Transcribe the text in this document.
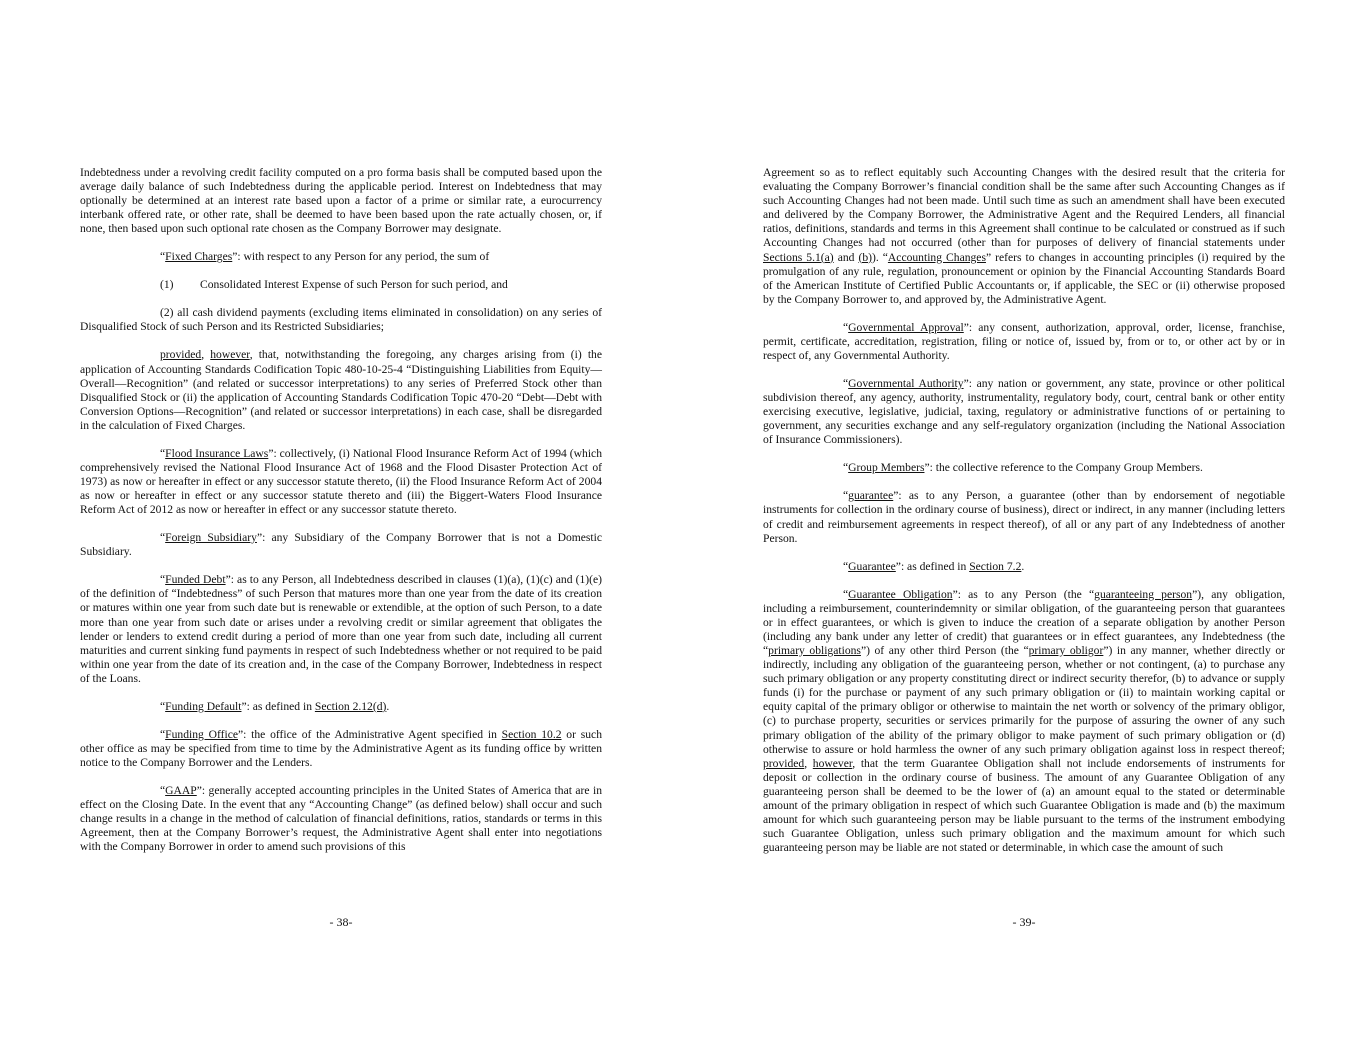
Indebtedness under a revolving credit facility computed on a pro forma basis shall be computed based upon the average daily balance of such Indebtedness during the applicable period. Interest on Indebtedness that may optionally be determined at an interest rate based upon a factor of a prime or similar rate, a eurocurrency interbank offered rate, or other rate, shall be deemed to have been based upon the rate actually chosen, or, if none, then based upon such optional rate chosen as the Company Borrower may designate.

“Fixed Charges”: with respect to any Person for any period, the sum of

(1)	Consolidated Interest Expense of such Person for such period, and

(2) all cash dividend payments (excluding items eliminated in consolidation) on any series of Disqualified Stock of such Person and its Restricted Subsidiaries;

provided, however, that, notwithstanding the foregoing, any charges arising from (i) the application of Accounting Standards Codification Topic 480-10-25-4 “Distinguishing Liabilities from Equity—Overall—Recognition” (and related or successor interpretations) to any series of Preferred Stock other than Disqualified Stock or (ii) the application of Accounting Standards Codification Topic 470-20 “Debt—Debt with Conversion Options—Recognition” (and related or successor interpretations) in each case, shall be disregarded in the calculation of Fixed Charges.

“Flood Insurance Laws”: collectively, (i) National Flood Insurance Reform Act of 1994 (which comprehensively revised the National Flood Insurance Act of 1968 and the Flood Disaster Protection Act of 1973) as now or hereafter in effect or any successor statute thereto, (ii) the Flood Insurance Reform Act of 2004 as now or hereafter in effect or any successor statute thereto and (iii) the Biggert-Waters Flood Insurance Reform Act of 2012 as now or hereafter in effect or any successor statute thereto.

“Foreign Subsidiary”: any Subsidiary of the Company Borrower that is not a Domestic Subsidiary.

“Funded Debt”: as to any Person, all Indebtedness described in clauses (1)(a), (1)(c) and (1)(e) of the definition of “Indebtedness” of such Person that matures more than one year from the date of its creation or matures within one year from such date but is renewable or extendible, at the option of such Person, to a date more than one year from such date or arises under a revolving credit or similar agreement that obligates the lender or lenders to extend credit during a period of more than one year from such date, including all current maturities and current sinking fund payments in respect of such Indebtedness whether or not required to be paid within one year from the date of its creation and, in the case of the Company Borrower, Indebtedness in respect of the Loans.

“Funding Default”: as defined in Section 2.12(d).

“Funding Office”: the office of the Administrative Agent specified in Section 10.2 or such other office as may be specified from time to time by the Administrative Agent as its funding office by written notice to the Company Borrower and the Lenders.

“GAAP”: generally accepted accounting principles in the United States of America that are in effect on the Closing Date. In the event that any “Accounting Change” (as defined below) shall occur and such change results in a change in the method of calculation of financial definitions, ratios, standards or terms in this Agreement, then at the Company Borrower’s request, the Administrative Agent shall enter into negotiations with the Company Borrower in order to amend such provisions of this

- 38-

Agreement so as to reflect equitably such Accounting Changes with the desired result that the criteria for evaluating the Company Borrower’s financial condition shall be the same after such Accounting Changes as if such Accounting Changes had not been made. Until such time as such an amendment shall have been executed and delivered by the Company Borrower, the Administrative Agent and the Required Lenders, all financial ratios, definitions, standards and terms in this Agreement shall continue to be calculated or construed as if such Accounting Changes had not occurred (other than for purposes of delivery of financial statements under Sections 5.1(a) and (b)). “Accounting Changes” refers to changes in accounting principles (i) required by the promulgation of any rule, regulation, pronouncement or opinion by the Financial Accounting Standards Board of the American Institute of Certified Public Accountants or, if applicable, the SEC or (ii) otherwise proposed by the Company Borrower to, and approved by, the Administrative Agent.

“Governmental Approval”: any consent, authorization, approval, order, license, franchise, permit, certificate, accreditation, registration, filing or notice of, issued by, from or to, or other act by or in respect of, any Governmental Authority.

“Governmental Authority”: any nation or government, any state, province or other political subdivision thereof, any agency, authority, instrumentality, regulatory body, court, central bank or other entity exercising executive, legislative, judicial, taxing, regulatory or administrative functions of or pertaining to government, any securities exchange and any self-regulatory organization (including the National Association of Insurance Commissioners).

“Group Members”: the collective reference to the Company Group Members.

“guarantee”: as to any Person, a guarantee (other than by endorsement of negotiable instruments for collection in the ordinary course of business), direct or indirect, in any manner (including letters of credit and reimbursement agreements in respect thereof), of all or any part of any Indebtedness of another Person.

“Guarantee”: as defined in Section 7.2.

“Guarantee Obligation”: as to any Person (the “guaranteeing person”), any obligation, including a reimbursement, counterindemnity or similar obligation, of the guaranteeing person that guarantees or in effect guarantees, or which is given to induce the creation of a separate obligation by another Person (including any bank under any letter of credit) that guarantees or in effect guarantees, any Indebtedness (the “primary obligations”) of any other third Person (the “primary obligor”) in any manner, whether directly or indirectly, including any obligation of the guaranteeing person, whether or not contingent, (a) to purchase any such primary obligation or any property constituting direct or indirect security therefor, (b) to advance or supply funds (i) for the purchase or payment of any such primary obligation or (ii) to maintain working capital or equity capital of the primary obligor or otherwise to maintain the net worth or solvency of the primary obligor, (c) to purchase property, securities or services primarily for the purpose of assuring the owner of any such primary obligation of the ability of the primary obligor to make payment of such primary obligation or (d) otherwise to assure or hold harmless the owner of any such primary obligation against loss in respect thereof; provided, however, that the term Guarantee Obligation shall not include endorsements of instruments for deposit or collection in the ordinary course of business. The amount of any Guarantee Obligation of any guaranteeing person shall be deemed to be the lower of (a) an amount equal to the stated or determinable amount of the primary obligation in respect of which such Guarantee Obligation is made and (b) the maximum amount for which such guaranteeing person may be liable pursuant to the terms of the instrument embodying such Guarantee Obligation, unless such primary obligation and the maximum amount for which such guaranteeing person may be liable are not stated or determinable, in which case the amount of such

- 39-
